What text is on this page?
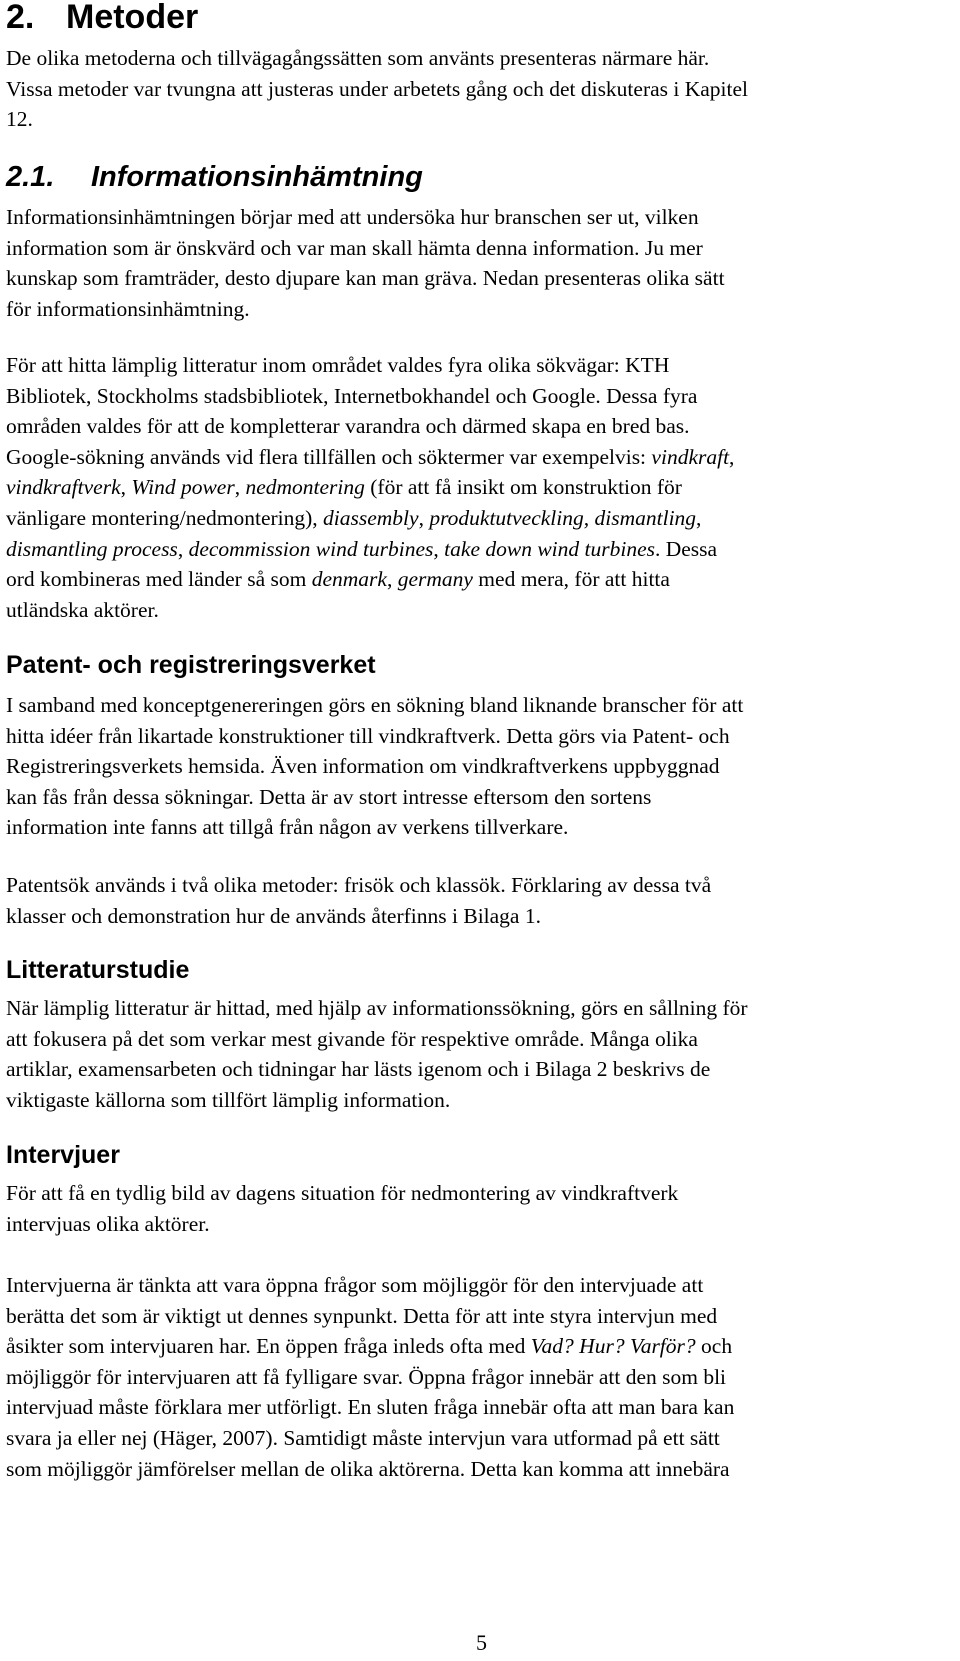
2. Metoder

De olika metoderna och tillvägagångssätten som använts presenteras närmare här.
Vissa metoder var tvungna att justeras under arbetets gång och det diskuteras i Kapitel
12.

2.1. Informationsinhämtning

Informationsinhämtningen börjar med att undersöka hur branschen ser ut, vilken
information som är önskvärd och var man skall hämta denna information. Ju mer
kunskap som framträder, desto djupare kan man gräva. Nedan presenteras olika sätt
för informationsinhämtning.

För att hitta lämplig litteratur inom området valdes fyra olika sökvägar: KTH
Bibliotek, Stockholms stadsbibliotek, Internetbokhandel och Google. Dessa fyra
områden valdes för att de kompletterar varandra och därmed skapa en bred bas.
Google-sökning används vid flera tillfällen och söktermer var exempelvis: vindkraft,
vindkraftverk, Wind power, nedmontering (för att få insikt om konstruktion för
vänligare montering/nedmontering), diassembly, produktutveckling, dismantling,
dismantling process, decommission wind turbines, take down wind turbines. Dessa
ord kombineras med länder så som denmark, germany med mera, för att hitta
utländska aktörer.

Patent- och registreringsverket

I samband med konceptgenereringen görs en sökning bland liknande branscher för att
hitta idéer från likartade konstruktioner till vindkraftverk. Detta görs via Patent- och
Registreringsverkets hemsida. Även information om vindkraftverkens uppbyggnad
kan fås från dessa sökningar. Detta är av stort intresse eftersom den sortens
information inte fanns att tillgå från någon av verkens tillverkare.

Patentsök används i två olika metoder: frisök och klassök. Förklaring av dessa två
klasser och demonstration hur de används återfinns i Bilaga 1.

Litteraturstudie

När lämplig litteratur är hittad, med hjälp av informationssökning, görs en sållning för
att fokusera på det som verkar mest givande för respektive område. Många olika
artiklar, examensarbeten och tidningar har lästs igenom och i Bilaga 2 beskrivs de
viktigaste källorna som tillfört lämplig information.

Intervjuer

För att få en tydlig bild av dagens situation för nedmontering av vindkraftverk
intervjuas olika aktörer.

Intervjuerna är tänkta att vara öppna frågor som möjliggör för den intervjuade att
berätta det som är viktigt ut dennes synpunkt. Detta för att inte styra intervjun med
åsikter som intervjuaren har. En öppen fråga inleds ofta med Vad? Hur? Varför? och
möjliggör för intervjuaren att få fylligare svar. Öppna frågor innebär att den som bli
intervjuad måste förklara mer utförligt. En sluten fråga innebär ofta att man bara kan
svara ja eller nej (Häger, 2007). Samtidigt måste intervjun vara utformad på ett sätt
som möjliggör jämförelser mellan de olika aktörerna. Detta kan komma att innebära

5
